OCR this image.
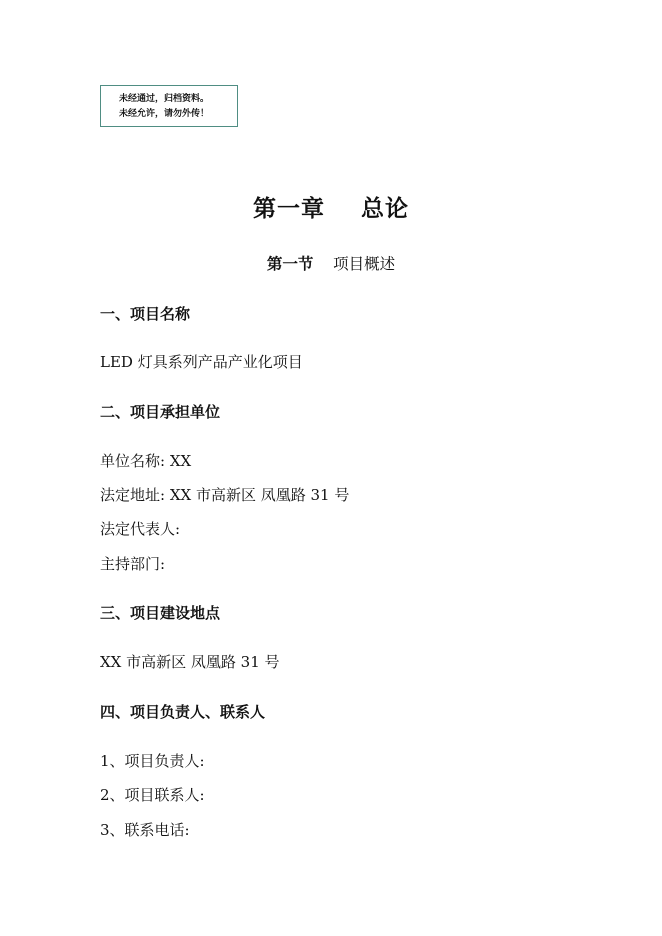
未经通过，归档资料。
未经允许，请勿外传！
第一章    总论
第一节 项目概述
一、项目名称
LED 灯具系列产品产业化项目
二、项目承担单位
单位名称: XX
法定地址: XX 市高新区 凤凰路 31 号
法定代表人:
主持部门:
三、项目建设地点
XX 市高新区 凤凰路 31 号
四、项目负责人、联系人
1、项目负责人:
2、项目联系人:
3、联系电话:
